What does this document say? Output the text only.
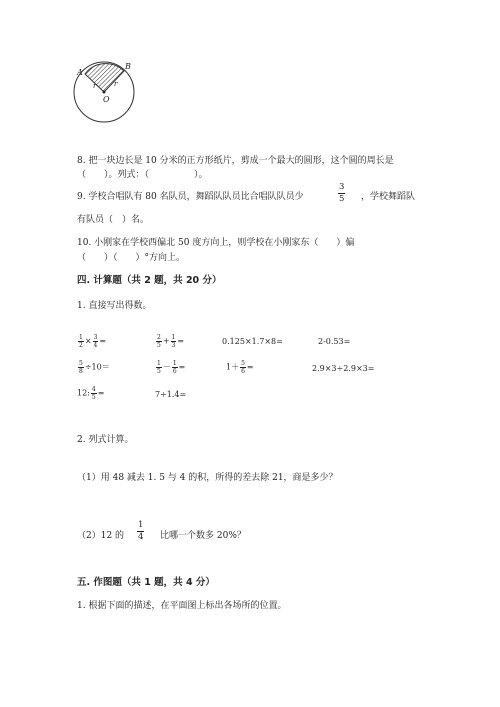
A
B
O
r	r
8. 把一块边长是 10 分米的正方形纸片，剪成一个最大的圆形，这个圆的周长是
（　　）。列式：（　　　　　）。
9. 学校合唱队有 80 名队员，舞蹈队队员比合唱队队员少	$\frac{3}{5}$ ，学校舞蹈队
有队员（　）名。
10. 小刚家在学校西偏北 50 度方向上，则学校在小刚家东（　　）偏
（　　）（　　）°方向上。
四. 计算题（共 2 题，共 20 分）
1. 直接写出得数。
$\frac{1}{2} \times \frac{3}{4}$ =	$\frac{2}{5} + \frac{1}{3}$ =	0.125×1.7×8=	2-0.53=
$\frac{5}{8} \div 10=$	$\frac{1}{5} - \frac{1}{6}$ =	$1+ \frac{5}{6}$ =	2.9×3÷2.9×3=
12: $\frac{4}{5}$ =	7÷1.4=
2. 列式计算。
（1）用 48 减去 1. 5 与 4 的积，所得的差去除 21，商是多少？
（2）12 的 $\frac{1}{4}$ 比哪一个数多 20%？
五. 作图题（共 1 题，共 4 分）
1. 根据下面的描述，在平面图上标出各场所的位置。
